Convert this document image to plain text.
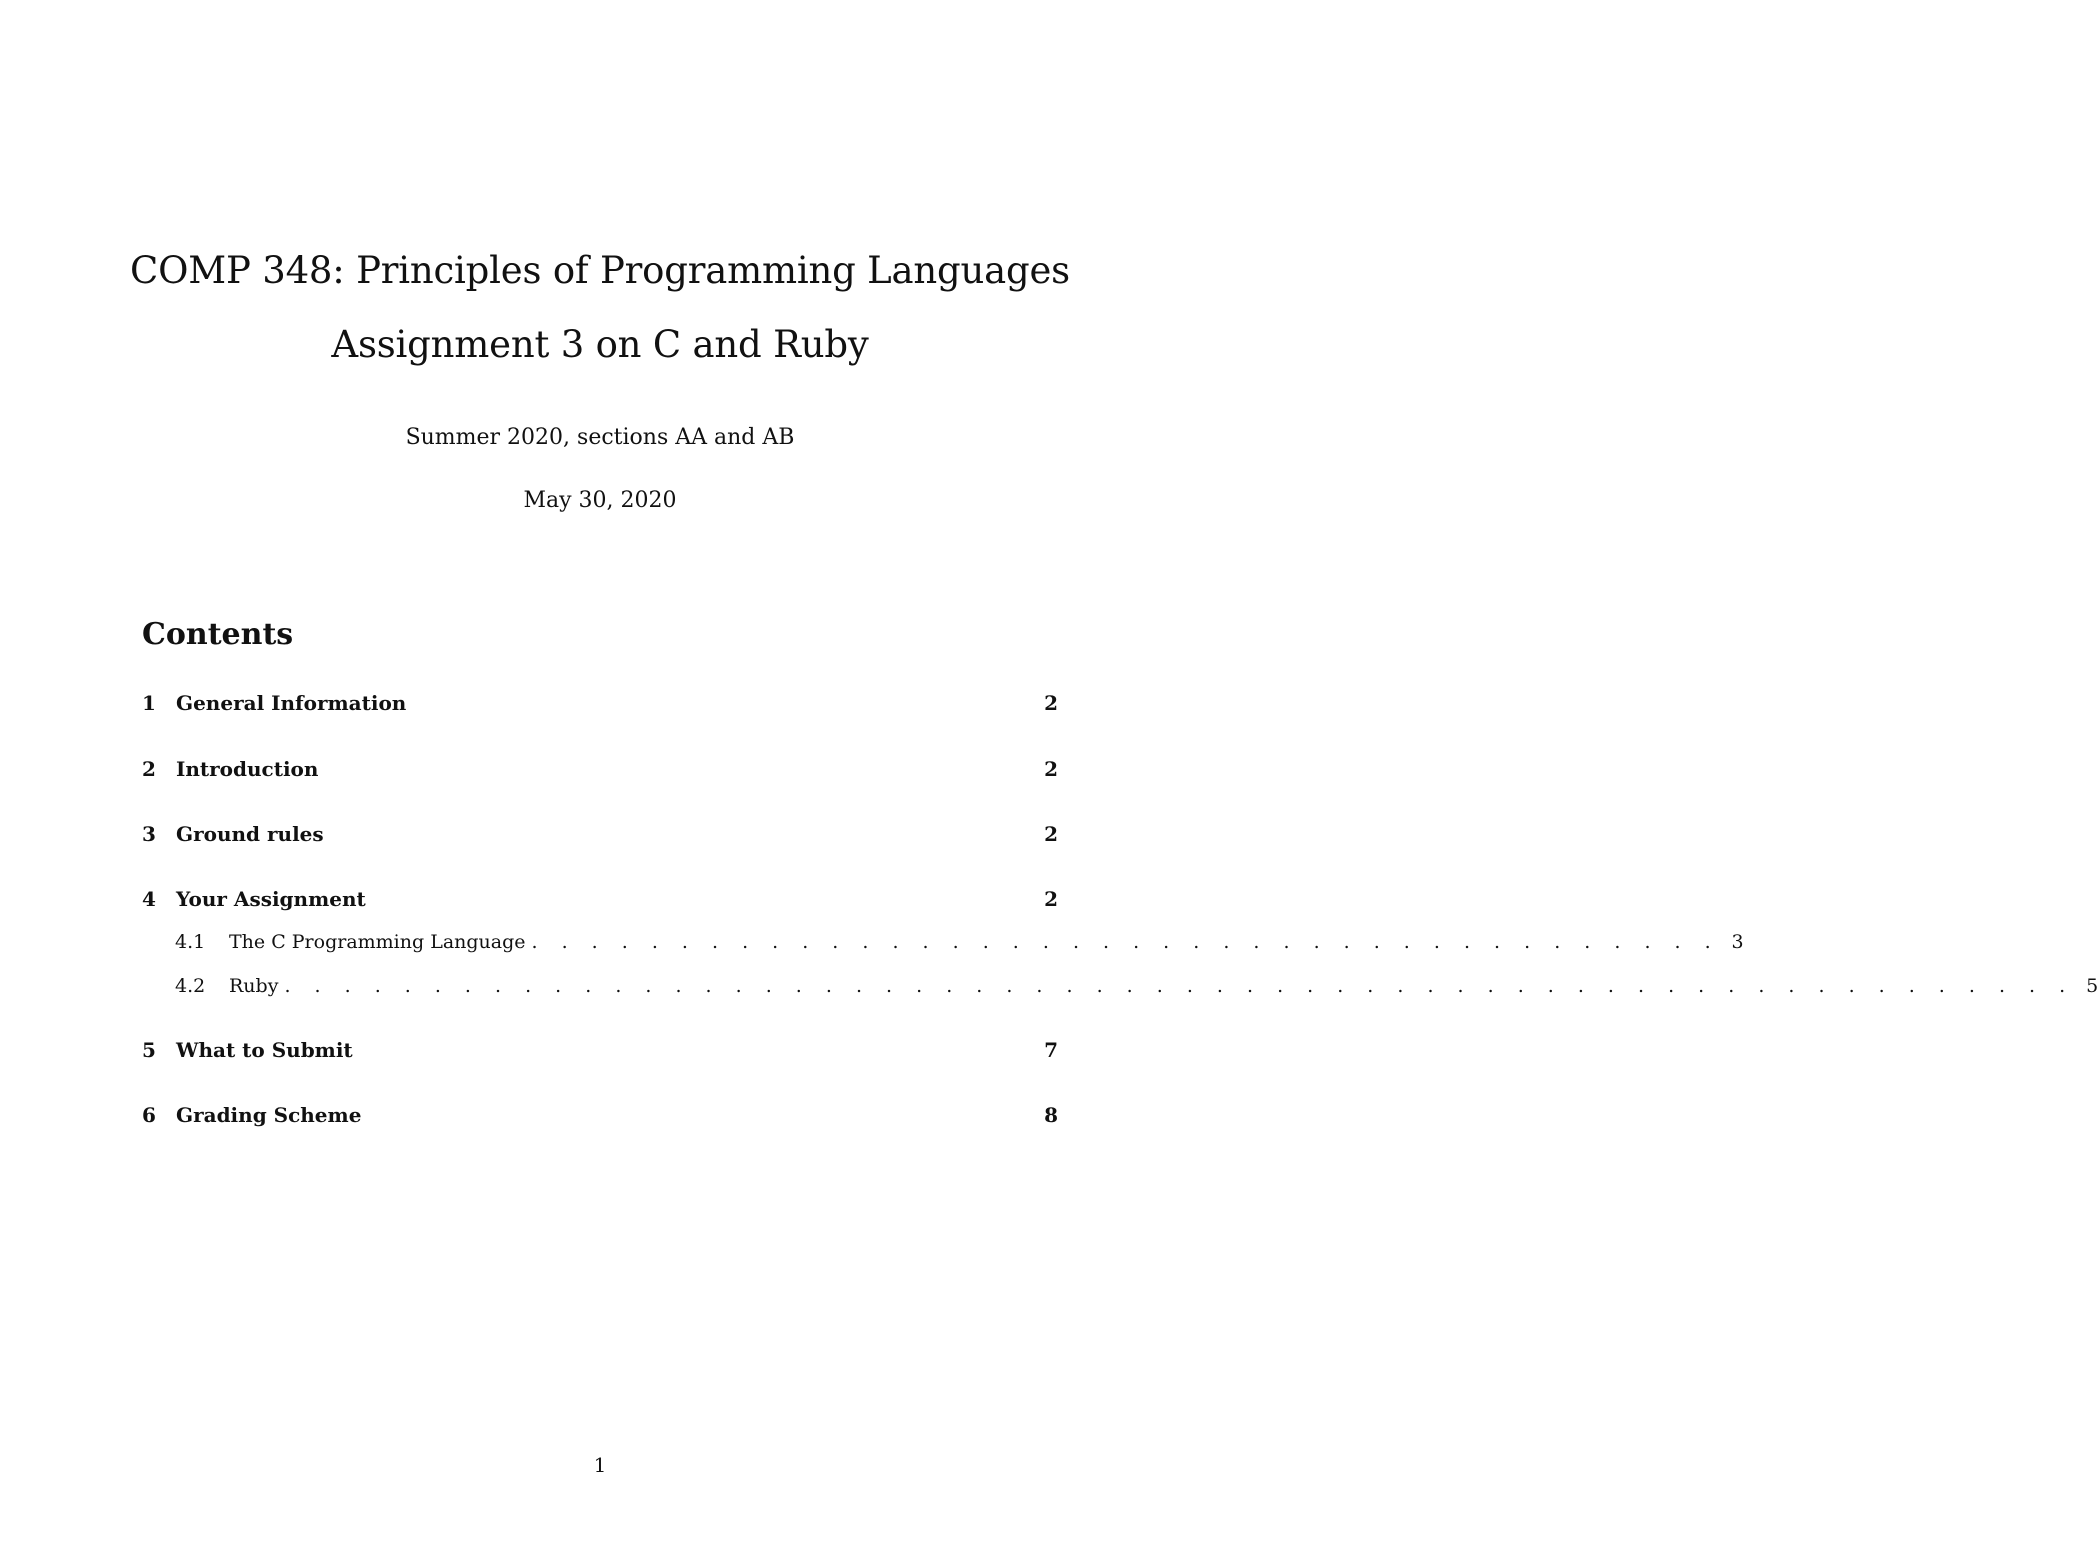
COMP 348: Principles of Programming Languages
Assignment 3 on C and Ruby
Summer 2020, sections AA and AB
May 30, 2020
Contents
1	General Information	2
2	Introduction	2
3	Ground rules	2
4	Your Assignment	2
4.1	The C Programming Language . . . . . . . . . . . . . . . . . . . . . . . . . . . . . . . . . . . . . . . . 3
4.2	Ruby . . . . . . . . . . . . . . . . . . . . . . . . . . . . . . . . . . . . . . . . . . . . . . . . . . . . . . . . . . . . 5
5	What to Submit	7
6	Grading Scheme	8
1
